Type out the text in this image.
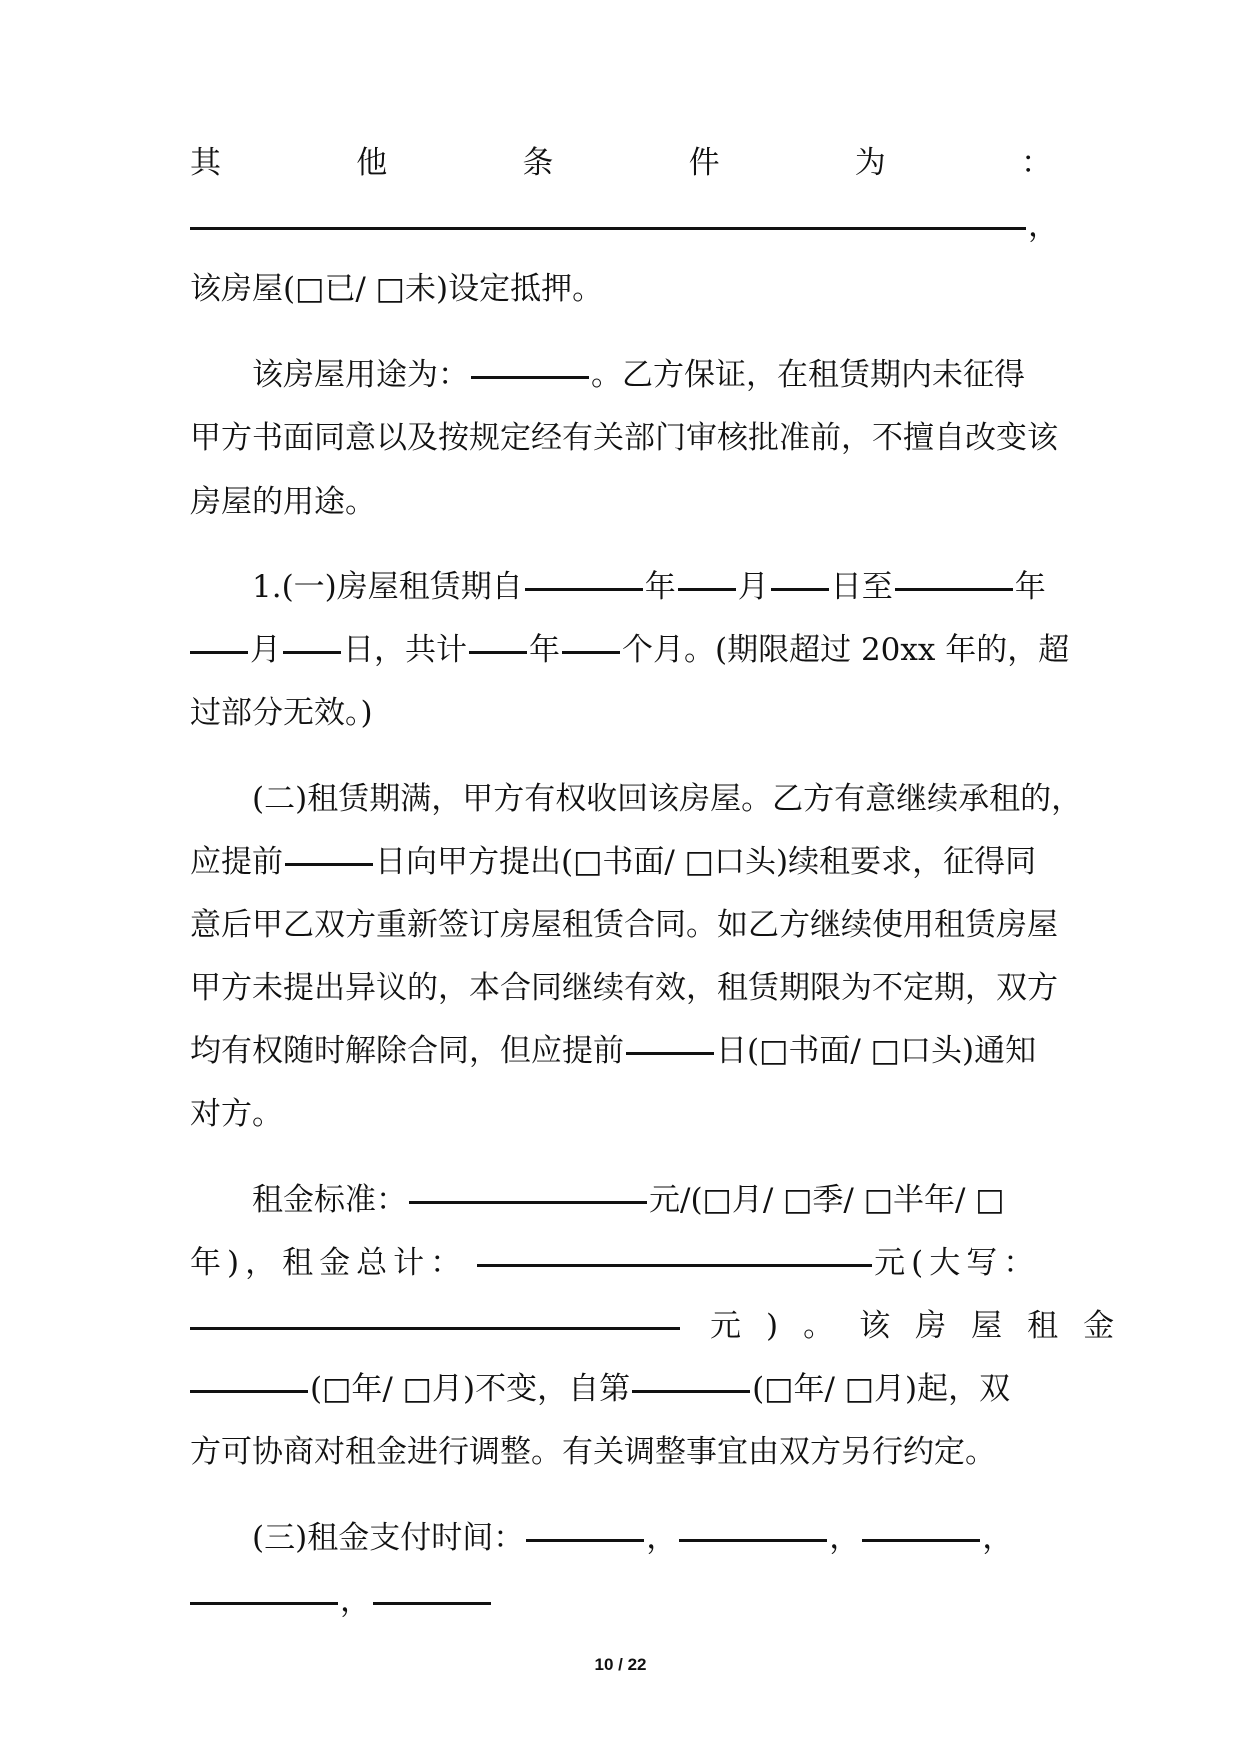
其	他	条	件	为	：
，
该房屋(□已/ □未)设定抵押。
该房屋用途为：	。乙方保证，在租赁期内未征得
甲方书面同意以及按规定经有关部门审核批准前，不擅自改变该
房屋的用途。
1.(一)房屋租赁期自	年 月 日至	年
月 日，共计 年 个月。(期限超过 20xx 年的，超
过部分无效。)
(二)租赁期满，甲方有权收回该房屋。乙方有意继续承租的，
应提前	日向甲方提出(□书面/ □口头)续租要求，征得同
意后甲乙双方重新签订房屋租赁合同。如乙方继续使用租赁房屋
甲方未提出异议的，本合同继续有效，租赁期限为不定期，双方
均有权随时解除合同，但应提前	日(□书面/ □口头)通知
对方。
租金标准：	元/(□月/ □季/ □半年/ □
年)，租金总计：	元(大写：
元)。该房屋租金
(□年/ □月)不变，自第	(□年/ □月)起，双
方可协商对租金进行调整。有关调整事宜由双方另行约定。
(三)租金支付时间：	，	，	，
，
10 / 22
